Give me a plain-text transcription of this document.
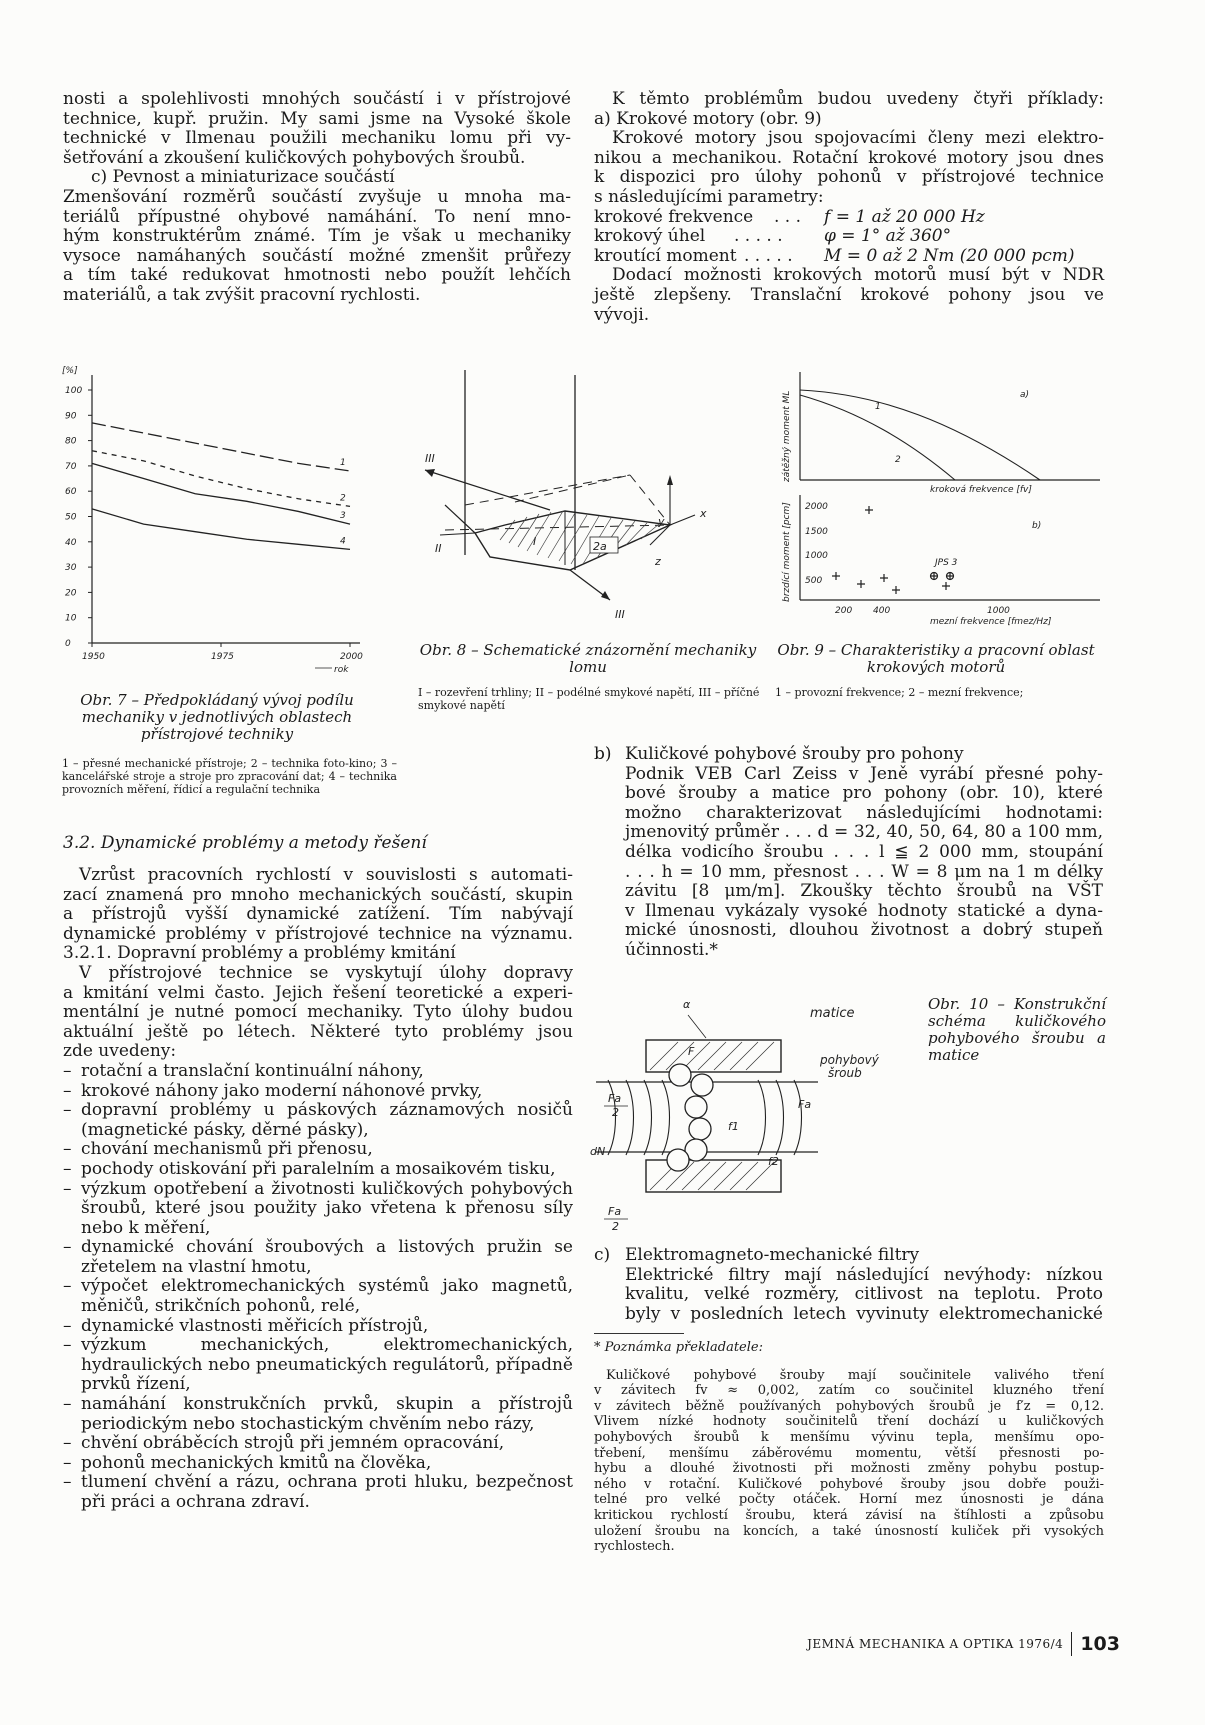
nosti a spolehlivosti mnohých součástí i v přístrojové
technice, kupř. pružin. My sami jsme na Vysoké škole
technické v Ilmenau použili mechaniku lomu při vy-
šetřování a zkoušení kuličkových pohybových šroubů.
c) Pevnost a miniaturizace součástí
Zmenšování rozměrů součástí zvyšuje u mnoha ma-
teriálů přípustné ohybové namáhání. To není mno-
hým konstruktérům známé. Tím je však u mechaniky
vysoce namáhaných součástí možné zmenšit průřezy
a tím také redukovat hmotnosti nebo použít lehčích
materiálů, a tak zvýšit pracovní rychlosti.
K těmto problémům budou uvedeny čtyři příklady:
a) Krokové motory (obr. 9)
Krokové motory jsou spojovacími členy mezi elektro-
nikou a mechanikou. Rotační krokové motory jsou dnes
k dispozici pro úlohy pohonů v přístrojové technice
s následujícími parametry:
krokové frekvence	. . .	f = 1 až 20 000 Hz
krokový úhel	. . . . .	φ = 1° až 360°
kroutící moment . . . . .	M = 0 až 2 Nm (20 000 pcm)
Dodací možnosti krokových motorů musí být v NDR
ještě zlepšeny. Translační krokové pohony jsou ve
vývoji.
[%]
100
90
80
70
60
50
40
30
20
10
0
1950	1975	2000
1
2
3
4
rok
Obr. 7 – Předpokládaný vývoj podílu mechaniky v jednotlivých oblastech přístrojové techniky
1 – přesné mechanické přístroje; 2 – technika foto-kino; 3 – kancelářské stroje a stroje pro zpracování dat; 4 – technika provozních měření, řídicí a regulační technika
III
II
I	2a
III
y
x
z
Obr. 8 – Schematické znázornění mechaniky lomu
I – rozevření trhliny; II – podélné smykové napětí, III – příčné smykové napětí
zátěžný moment ML	1
2
a)
kroková frekvence [fv]
brzdící moment [pcm] 2000
1500
1000
500
200 400	1000
mezní frekvence [fmez/Hz]
b)
JPS 3
Obr. 9 – Charakteristiky a pracovní oblast krokových motorů
1 – provozní frekvence; 2 – mezní frekvence;
3.2. Dynamické problémy a metody řešení
Vzrůst pracovních rychlostí v souvislosti s automati-
zací znamená pro mnoho mechanických součástí, skupin
a přístrojů vyšší dynamické zatížení. Tím nabývají
dynamické problémy v přístrojové technice na významu.
3.2.1. Dopravní problémy a problémy kmitání
V přístrojové technice se vyskytují úlohy dopravy
a kmitání velmi často. Jejich řešení teoretické a experi-
mentální je nutné pomocí mechaniky. Tyto úlohy budou
aktuální ještě po létech. Některé tyto problémy jsou
zde uvedeny:
– rotační a translační kontinuální náhony,
– krokové náhony jako moderní náhonové prvky,
– dopravní problémy u páskových záznamových nosičů (magnetické pásky, děrné pásky),
– chování mechanismů při přenosu,
– pochody otiskování při paralelním a mosaikovém tisku,
– výzkum opotřebení a životnosti kuličkových pohybových šroubů, které jsou použity jako vřetena k přenosu síly nebo k měření,
– dynamické chování šroubových a listových pružin se zřetelem na vlastní hmotu,
– výpočet elektromechanických systémů jako magnetů, měničů, strikčních pohonů, relé,
– dynamické vlastnosti měřicích přístrojů,
– výzkum mechanických, elektromechanických, hydraulických nebo pneumatických regulátorů, případně prvků řízení,
– namáhání konstrukčních prvků, skupin a přístrojů periodickým nebo stochastickým chvěním nebo rázy,
– chvění obráběcích strojů při jemném opracování,
– pohonů mechanických kmitů na člověka,
– tlumení chvění a rázu, ochrana proti hluku, bezpečnost při práci a ochrana zdraví.
b) Kuličkové pohybové šrouby pro pohony
Podnik VEB Carl Zeiss v Jeně vyrábí přesné pohy-
bové šrouby a matice pro pohony (obr. 10), které
možno charakterizovat následujícími hodnotami:
jmenovitý průměr . . . d = 32, 40, 50, 64, 80 a 100 mm,
délka vodicího šroubu . . . l ≦ 2 000 mm, stoupání
. . . h = 10 mm, přesnost . . . W = 8 μm na 1 m délky
závitu [8 μm/m]. Zkoušky těchto šroubů na VŠT
v Ilmenau vykázaly vysoké hodnoty statické a dyna-
mické únosnosti, dlouhou životnost a dobrý stupeň
účinnosti.*
α
F
matice
pohybový
šroub
Fa
2
Fa
dN
f1
f2
Fa
2
Obr. 10 – Konstrukční schéma kuličkového pohybového šroubu a matice
c) Elektromagneto-mechanické filtry
Elektrické filtry mají následující nevýhody: nízkou
kvalitu, velké rozměry, citlivost na teplotu. Proto
byly v posledních letech vyvinuty elektromechanické

* Poznámka překladatele:

Kuličkové pohybové šrouby mají součinitele valivého tření
v závitech fv ≈ 0,002, zatím co součinitel kluzného tření
v závitech běžně používaných pohybových šroubů je f′z = 0,12.
Vlivem nízké hodnoty součinitelů tření dochází u kuličkových
pohybových šroubů k menšímu vývinu tepla, menšímu opo-
třebení, menšímu záběrovému momentu, větší přesnosti po-
hybu a dlouhé životnosti při možnosti změny pohybu postup-
ného v rotační. Kuličkové pohybové šrouby jsou dobře použi-
telné pro velké počty otáček. Horní mez únosnosti je dána
kritickou rychlostí šroubu, která závisí na štíhlosti a způsobu
uložení šroubu na koncích, a také únosností kuliček při vysokých
rychlostech.
JEMNÁ MECHANIKA A OPTIKA 1976/4 103
